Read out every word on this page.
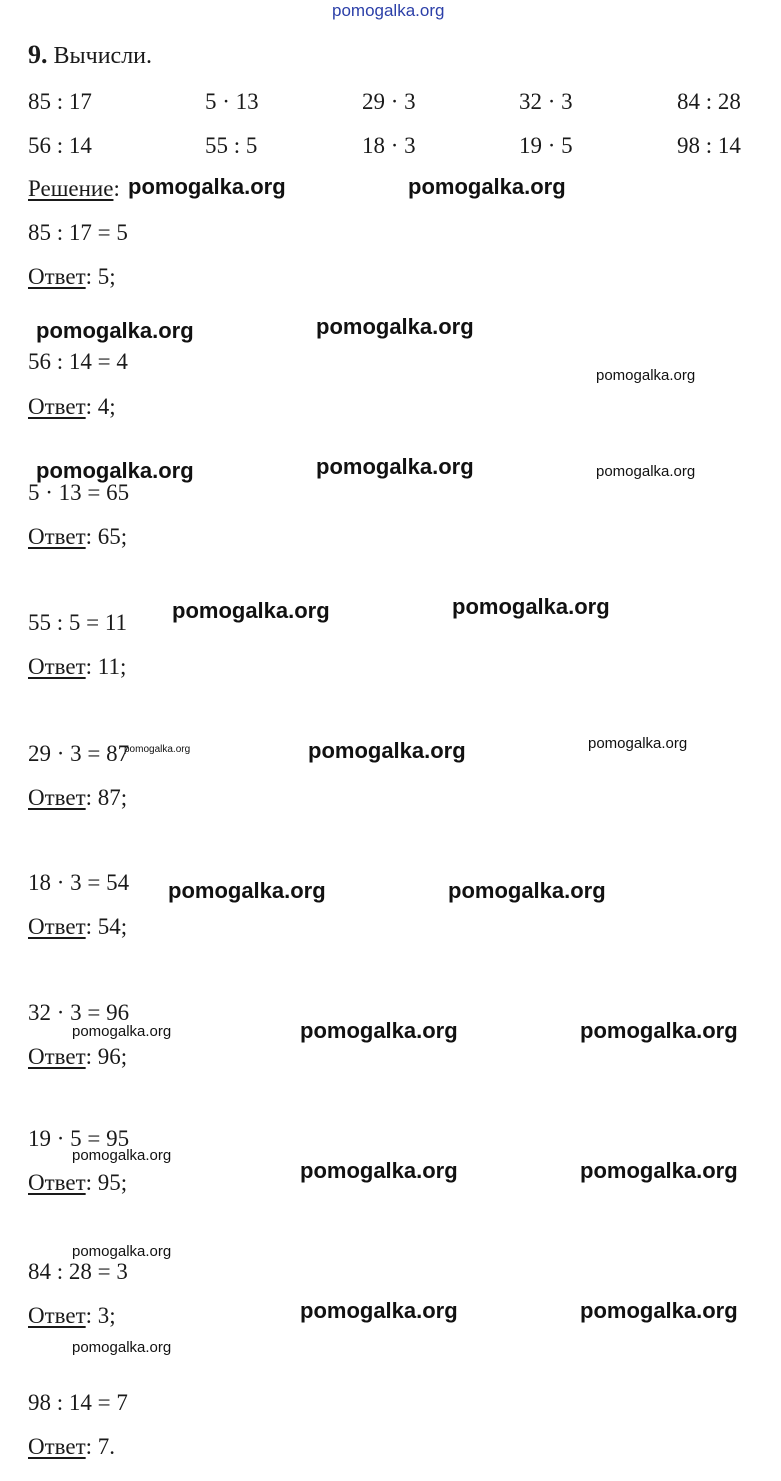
pomogalka.org
9. Вычисли.
85 : 17	5 · 13	29 · 3	32 · 3	84 : 28
56 : 14	55 : 5	18 · 3	19 · 5	98 : 14
Решение:
85 : 17 = 5
Ответ: 5;
56 : 14 = 4
Ответ: 4;
5 · 13 = 65
Ответ: 65;
55 : 5 = 11
Ответ: 11;
29 · 3 = 87
Ответ: 87;
18 · 3 = 54
Ответ: 54;
32 · 3 = 96
Ответ: 96;
19 · 5 = 95
Ответ: 95;
84 : 28 = 3
Ответ: 3;
98 : 14 = 7
Ответ: 7.
pomogalka.org	pomogalka.org
pomogalka.org	pomogalka.org
pomogalka.org
pomogalka.org	pomogalka.org	pomogalka.org
pomogalka.org	pomogalka.org
pomogalka.org	pomogalka.org	pomogalka.org
pomogalka.org	pomogalka.org
pomogalka.org	pomogalka.org	pomogalka.org
pomogalka.org
pomogalka.org	pomogalka.org
pomogalka.org
pomogalka.org	pomogalka.org
pomogalka.org
